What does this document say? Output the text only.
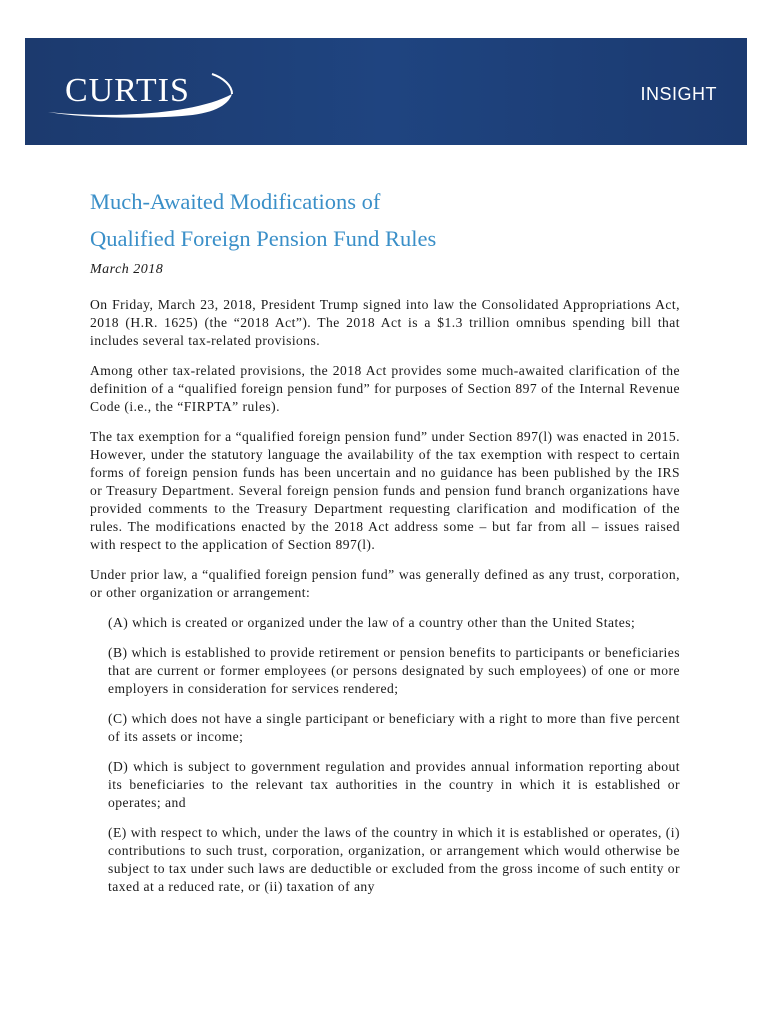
CURTIS	INSIGHT
Much-Awaited Modifications of
Qualified Foreign Pension Fund Rules
March 2018

On Friday, March 23, 2018, President Trump signed into law the Consolidated Appropriations Act, 2018 (H.R. 1625) (the “2018 Act”). The 2018 Act is a $1.3 trillion omnibus spending bill that includes several tax-related provisions.

Among other tax-related provisions, the 2018 Act provides some much-awaited clarification of the definition of a “qualified foreign pension fund” for purposes of Section 897 of the Internal Revenue Code (i.e., the “FIRPTA” rules).

The tax exemption for a “qualified foreign pension fund” under Section 897(l) was enacted in 2015. However, under the statutory language the availability of the tax exemption with respect to certain forms of foreign pension funds has been uncertain and no guidance has been published by the IRS or Treasury Department. Several foreign pension funds and pension fund branch organizations have provided comments to the Treasury Department requesting clarification and modification of the rules. The modifications enacted by the 2018 Act address some – but far from all – issues raised with respect to the application of Section 897(l).

Under prior law, a “qualified foreign pension fund” was generally defined as any trust, corporation, or other organization or arrangement:

(A) which is created or organized under the law of a country other than the United States;

(B) which is established to provide retirement or pension benefits to participants or beneficiaries that are current or former employees (or persons designated by such employees) of one or more employers in consideration for services rendered;

(C) which does not have a single participant or beneficiary with a right to more than five percent of its assets or income;

(D) which is subject to government regulation and provides annual information reporting about its beneficiaries to the relevant tax authorities in the country in which it is established or operates; and

(E) with respect to which, under the laws of the country in which it is established or operates, (i) contributions to such trust, corporation, organization, or arrangement which would otherwise be subject to tax under such laws are deductible or excluded from the gross income of such entity or taxed at a reduced rate, or (ii) taxation of any
